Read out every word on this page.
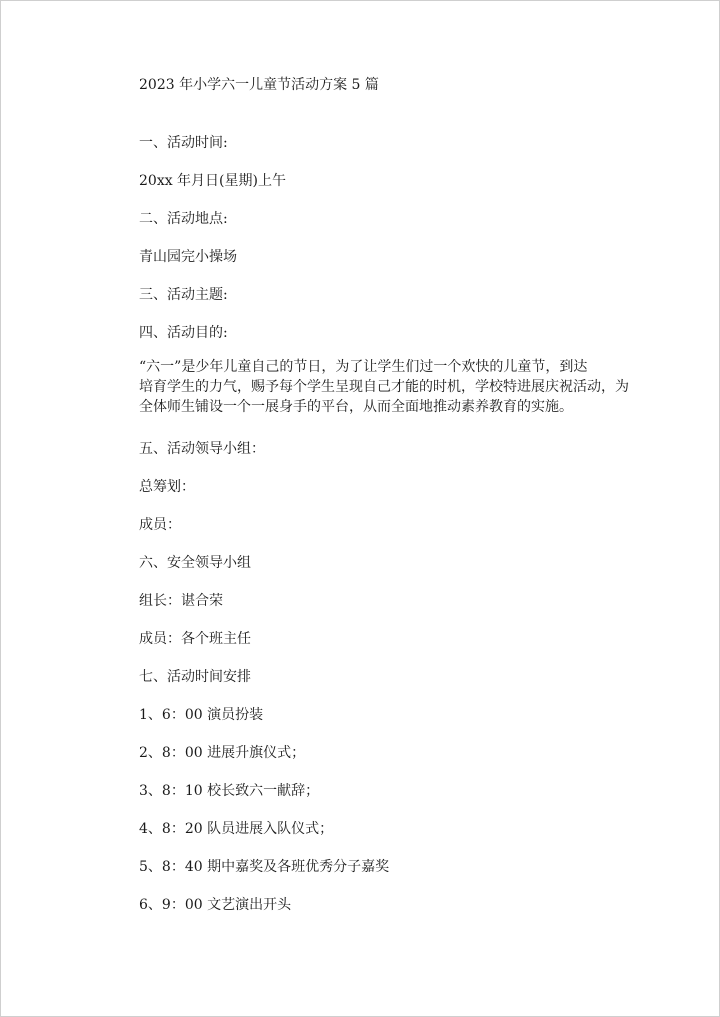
2023 年小学六一儿童节活动方案 5 篇
一、活动时间:
20xx 年月日(星期)上午
二、活动地点:
青山园完小操场
三、活动主题:
四、活动目的:
“六一”是少年儿童自己的节日，为了让学生们过一个欢快的儿童节，到达
培育学生的力气，赐予每个学生呈现自己才能的时机，学校特进展庆祝活动，为
全体师生铺设一个一展身手的平台，从而全面地推动素养教育的实施。
五、活动领导小组：
总筹划：
成员：
六、安全领导小组
组长：谌合荣
成员：各个班主任
七、活动时间安排
1、6：00 演员扮装
2、8：00 进展升旗仪式；
3、8：10 校长致六一献辞；
4、8：20 队员进展入队仪式；
5、8：40 期中嘉奖及各班优秀分子嘉奖
6、9：00 文艺演出开头
